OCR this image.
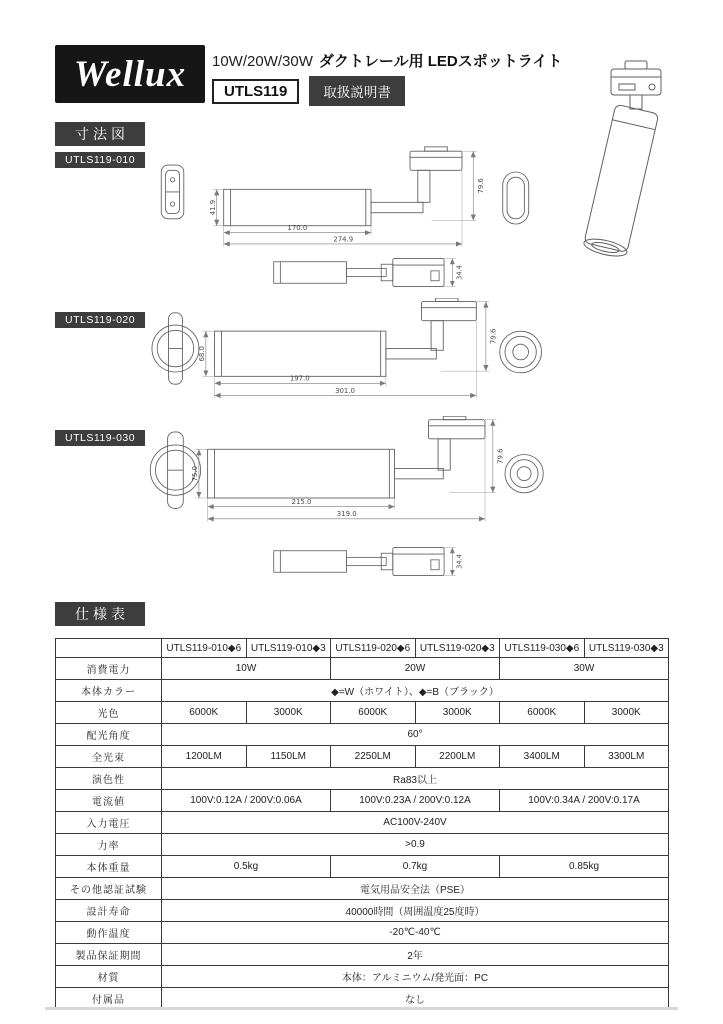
Wellux 10W/20W/30W ダクトレール用 LEDスポットライト
UTLS119	取扱説明書
寸法図
UTLS119-010
41.9
170.0
274.9
79.6
34.4
UTLS119-020
68.0
197.0
301.0
79.6
UTLS119-030
75.0
215.0
319.0
79.6
34.4
仕様表
	UTLS119-010◆6	UTLS119-010◆3	UTLS119-020◆6	UTLS119-020◆3	UTLS119-030◆6	UTLS119-030◆3
消費電力	10W		20W		30W	
本体カラー	◆=W（ホワイト）、◆=B（ブラック）					
光色	6000K	3000K	6000K	3000K	6000K	3000K
配光角度	60°					
全光束	1200LM	1150LM	2250LM	2200LM	3400LM	3300LM
演色性	Ra83以上					
電流値	100V:0.12A / 200V:0.06A		100V:0.23A / 200V:0.12A		100V:0.34A / 200V:0.17A	
入力電圧	AC100V-240V					
力率	>0.9					
本体重量	0.5kg		0.7kg		0.85kg	
その他認証試験	電気用品安全法（PSE）					
設計寿命	40000時間（周囲温度25度時）					
動作温度	-20℃-40℃					
製品保証期間	2年					
材質	本体：アルミニウム/発光面：PC					
付属品	なし					
